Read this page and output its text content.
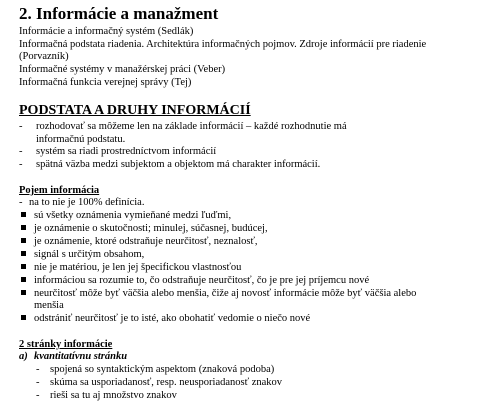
2. Informácie a manažment
Informácie a informačný systém (Sedlák)
Informačná podstata riadenia. Architektúra informačných pojmov. Zdroje informácií pre riadenie
(Porvazník)
Informačné systémy v manažérskej práci (Veber)
Informačná funkcia verejnej správy (Tej)
PODSTATA A DRUHY INFORMÁCIÍ
- rozhodovať sa môžeme len na základe informácií – každé rozhodnutie má
informačnú podstatu.
- systém sa riadi prostredníctvom informácií
- spätná väzba medzi subjektom a objektom má charakter informácií.
Pojem informácia
- na to nie je 100% definícia.
sú všetky oznámenia vymieňané medzi ľuďmi,
je oznámenie o skutočnosti; minulej, súčasnej, budúcej,
je oznámenie, ktoré odstraňuje neurčitosť, neznalosť,
signál s určitým obsahom,
nie je matériou, je len jej špecifickou vlastnosťou
informáciou sa rozumie to, čo odstraňuje neurčitosť, čo je pre jej príjemcu nové
neurčitosť môže byť väčšia alebo menšia, čiže aj novosť informácie môže byť väčšia alebo
menšia
odstrániť neurčitosť je to isté, ako obohatiť vedomie o niečo nové
2 stránky informácie
a) kvantitatívnu stránku
- spojená so syntaktickým aspektom (znaková podoba)
- skúma sa usporiadanosť, resp. neusporiadanosť znakov
- rieši sa tu aj množstvo znakov
